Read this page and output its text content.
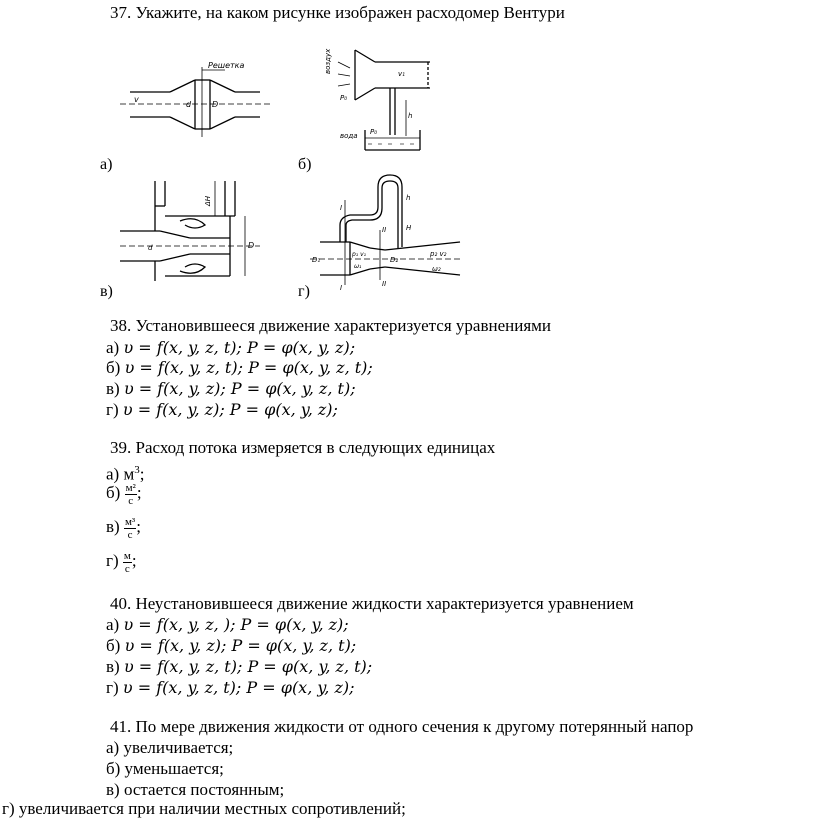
37. Укажите, на каком рисунке изображен расходомер Вентури
Решетка
v
d	D
а)
воздух
вода
P₀
P₀
h
v₁
б)
ΔH
d	D
в)
I
I
II
II
h
H
D₁	D₂
p₁ v₁
ω₁
p₂ v₂
ω₂
г)
38. Установившееся движение характеризуется уравнениями
а) υ = f(x, y, z, t); P = φ(x, y, z);
б) υ = f(x, y, z, t); P = φ(x, y, z, t);
в) υ = f(x, y, z); P = φ(x, y, z, t);
г) υ = f(x, y, z); P = φ(x, y, z);
39. Расход потока измеряется в следующих единицах
а) $м^3$;
$б) \frac{\text{м²}}{с}$ ;
$в) \frac{\text{м³}}{с}$ ;
$г) \frac{м}{с}$ ;
40. Неустановившееся движение жидкости характеризуется уравнением
а) υ = f(x, y, z, ); P = φ(x, y, z);
б) υ = f(x, y, z); P = φ(x, y, z, t);
в) υ = f(x, y, z, t); P = φ(x, y, z, t);
г) υ = f(x, y, z, t); P = φ(x, y, z);
41. По мере движения жидкости от одного сечения к другому потерянный напор
а) увеличивается;
б) уменьшается;
в) остается постоянным;
г) увеличивается при наличии местных сопротивлений;
